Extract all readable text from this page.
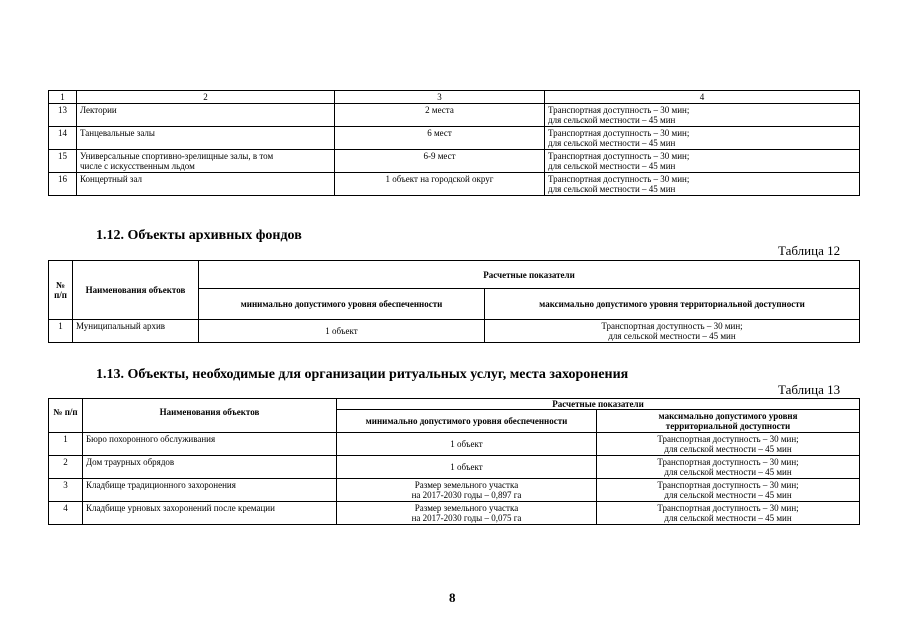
1	2	3	4
13	Лектории	2 места	Транспортная доступность – 30 мин;
для сельской местности – 45 мин
14	Танцевальные залы	6 мест	Транспортная доступность – 30 мин;
для сельской местности – 45 мин
15	Универсальные спортивно-зрелищные залы, в том
числе с искусственным льдом	6-9 мест	Транспортная доступность – 30 мин;
для сельской местности – 45 мин
16	Концертный зал	1 объект на городской округ	Транспортная доступность – 30 мин;
для сельской местности – 45 мин
1.12. Объекты архивных фондов
Таблица 12
№
п/п	Наименования объектов	Расчетные показатели	
		минимально допустимого уровня обеспеченности	максимально допустимого уровня территориальной доступности
1	Муниципальный архив	1 объект	Транспортная доступность – 30 мин;
для сельской местности – 45 мин
1.13. Объекты, необходимые для организации ритуальных услуг, места захоронения
Таблица 13
№ п/п	Наименования объектов	Расчетные показатели	
		минимально допустимого уровня обеспеченности	максимально допустимого уровня
территориальной доступности
1	Бюро похоронного обслуживания	1 объект	Транспортная доступность – 30 мин;
для сельской местности – 45 мин
2	Дом траурных обрядов	1 объект	Транспортная доступность – 30 мин;
для сельской местности – 45 мин
3	Кладбище традиционного захоронения	Размер земельного участка
на 2017-2030 годы – 0,897 га	Транспортная доступность – 30 мин;
для сельской местности – 45 мин
4	Кладбище урновых захоронений после кремации	Размер земельного участка
на 2017-2030 годы – 0,075 га	Транспортная доступность – 30 мин;
для сельской местности – 45 мин
8
